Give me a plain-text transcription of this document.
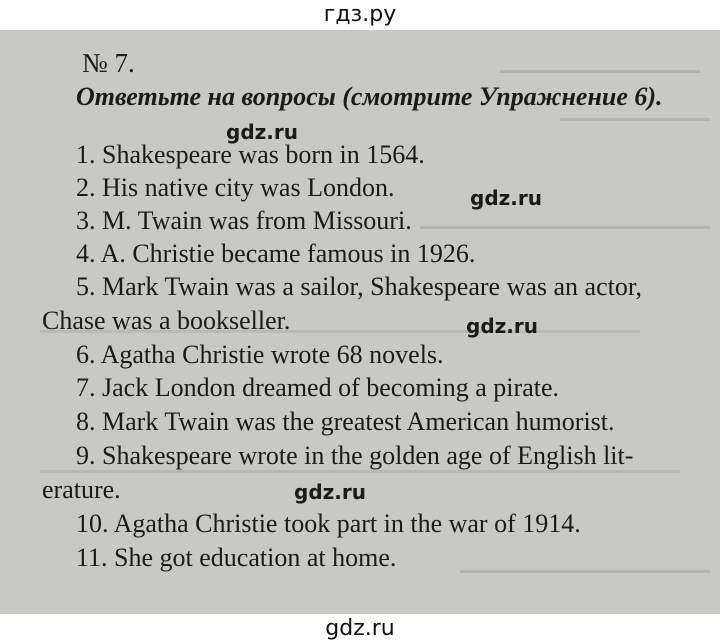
гдз.ру
№ 7.
Ответьте на вопросы (смотрите Упражнение 6).
1. Shakespeare was born in 1564.
2. His native city was London.
3. M. Twain was from Missouri.
4. A. Christie became famous in 1926.
5. Mark Twain was a sailor, Shakespeare was an actor,
Chase was a bookseller.
6. Agatha Christie wrote 68 novels.
7. Jack London dreamed of becoming a pirate.
8. Mark Twain was the greatest American humorist.
9. Shakespeare wrote in the golden age of English lit-
erature.
10. Agatha Christie took part in the war of 1914.
11. She got education at home.
gdz.ru
gdz.ru
gdz.ru
gdz.ru
gdz.ru
